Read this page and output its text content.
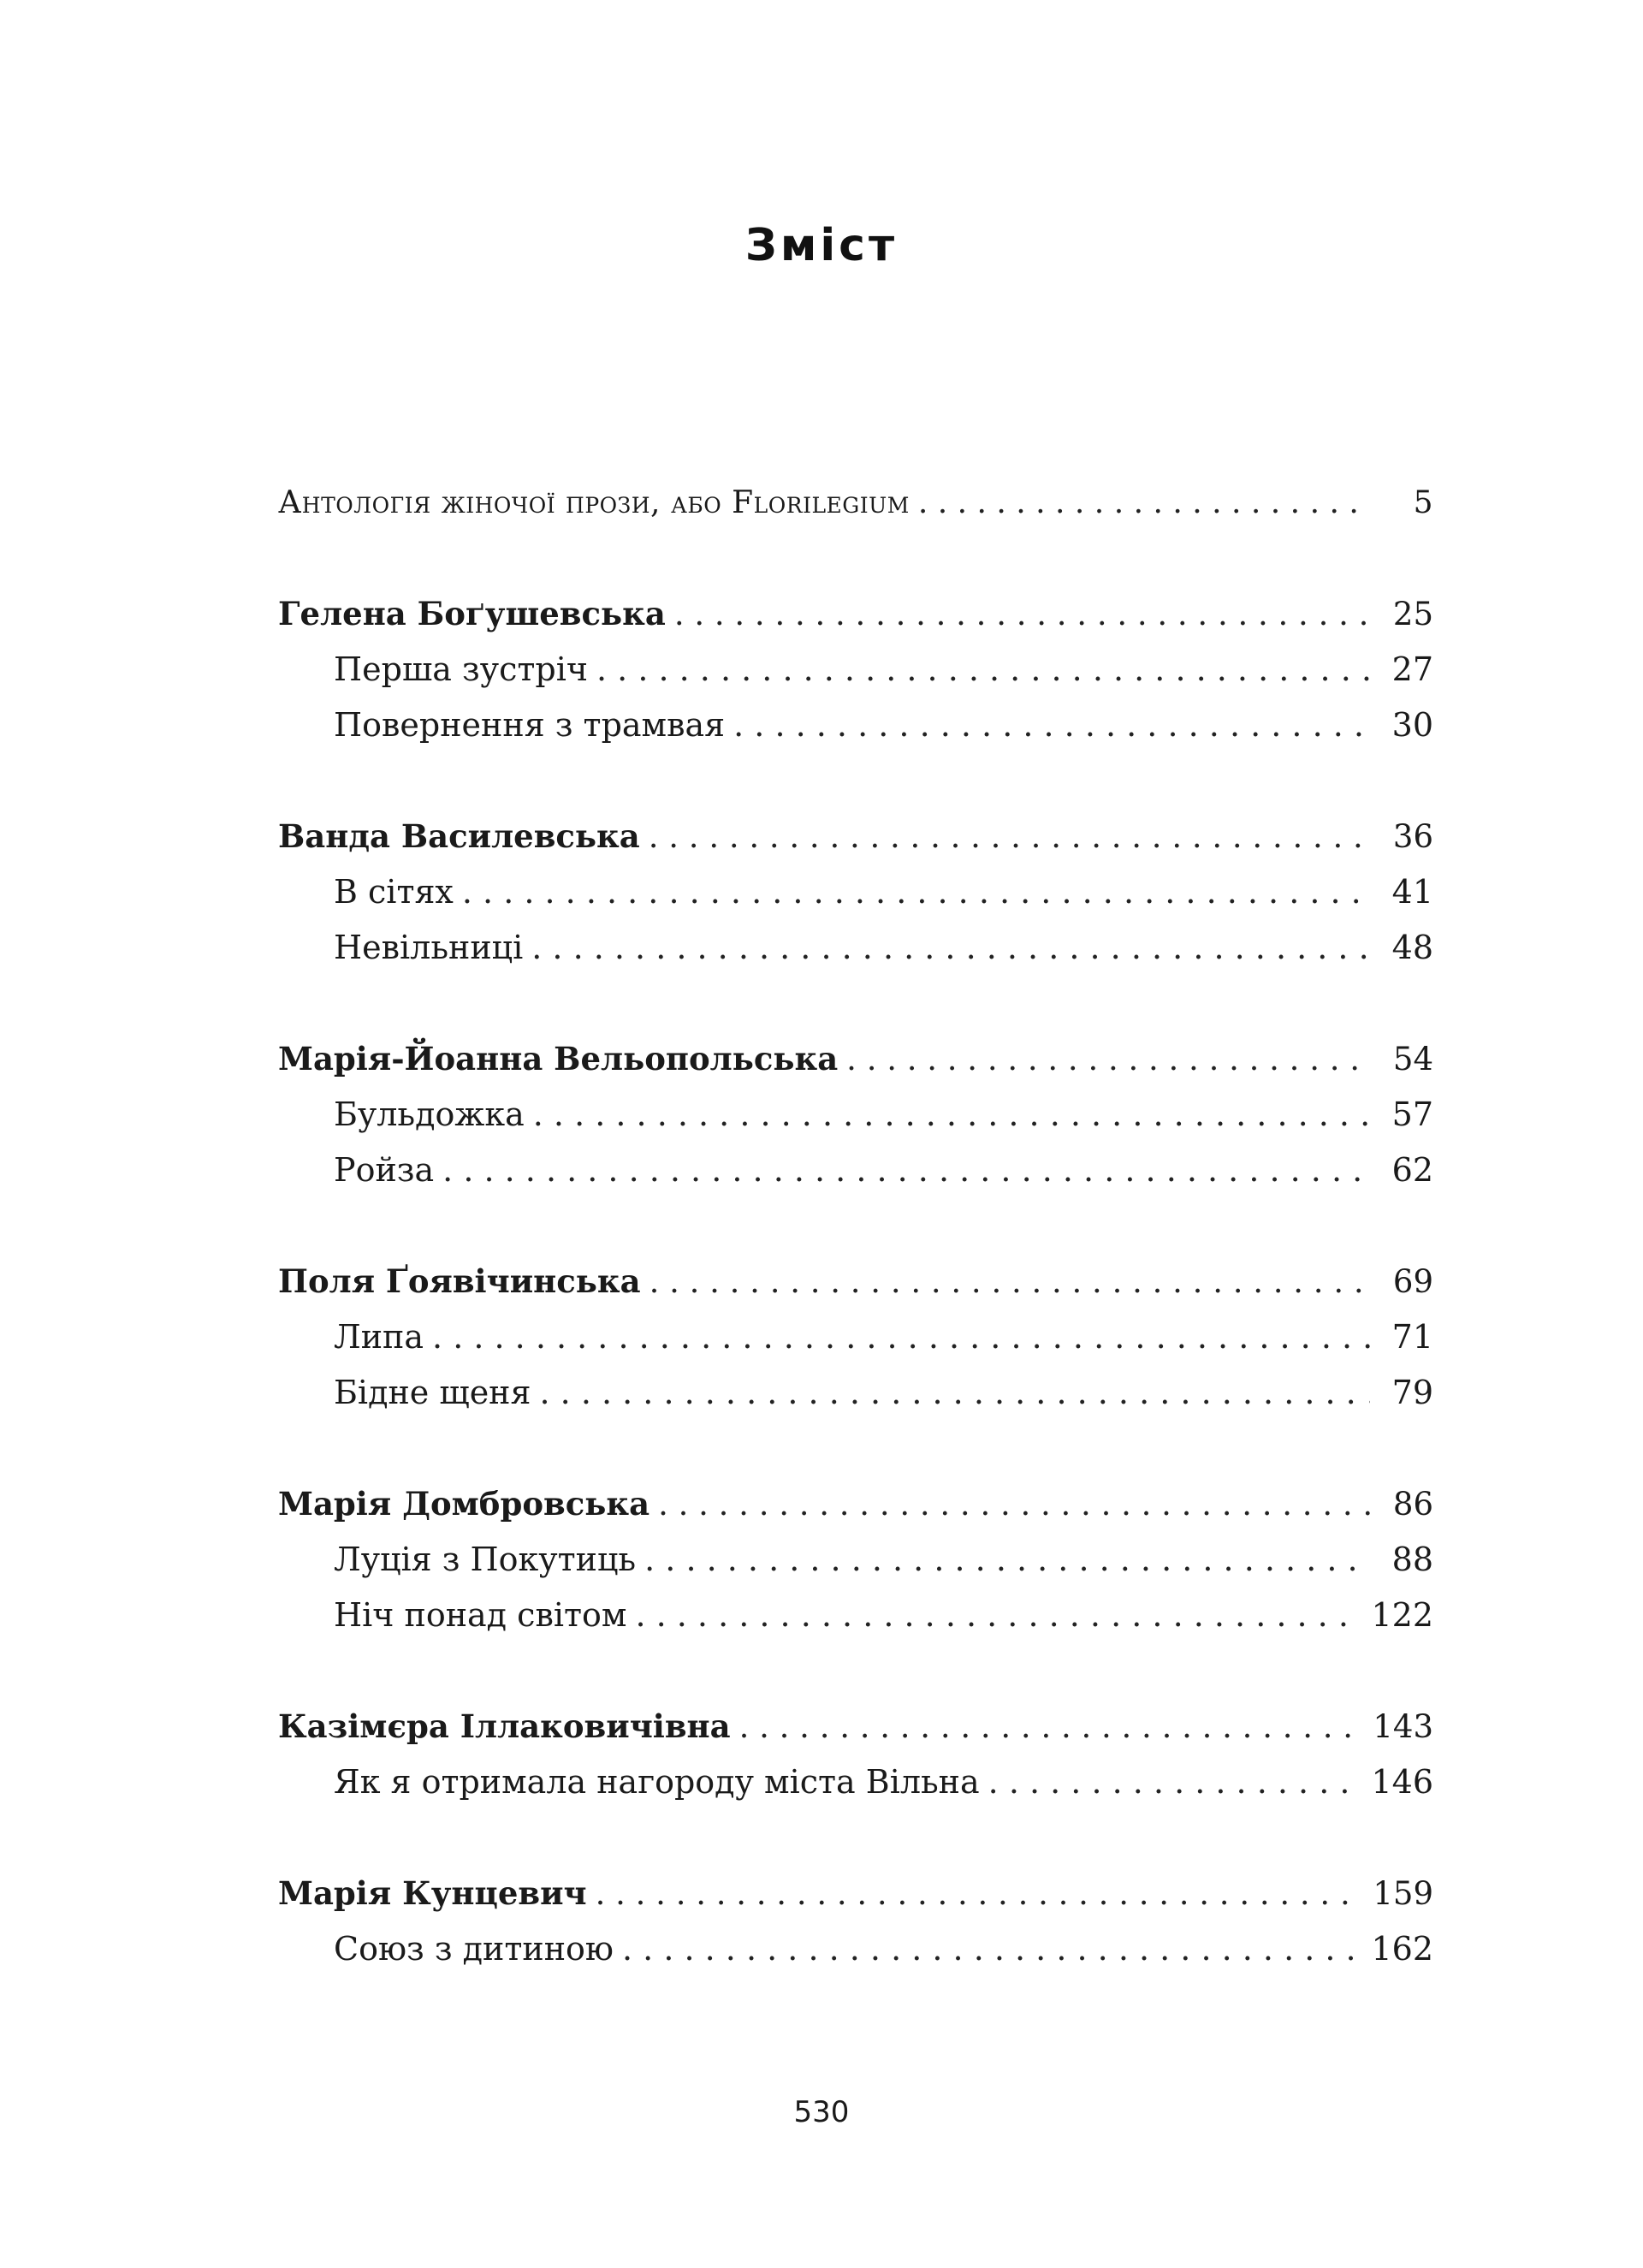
Зміст
Антологія жіночої прози, або Florilegium . . .	5
Гелена Боґушевська . . .	25
Перша зустріч . . .	27
Повернення з трамвая . . .	30
Ванда Василевська . . .	36
В сітях . . .	41
Невільниці . . .	48
Марія-Йоанна Вельопольська . . .	54
Бульдожка . . .	57
Ройза . . .	62
Поля Ґоявічинська . . .	69
Липа . . .	71
Бідне щеня . . .	79
Марія Домбровська . . .	86
Луція з Покутиць . . .	88
Ніч понад світом . . .	122
Казімєра Іллаковичівна . . .	143
Як я отримала нагороду міста Вільна . . .	146
Марія Кунцевич . . .	159
Союз з дитиною . . .	162
530
